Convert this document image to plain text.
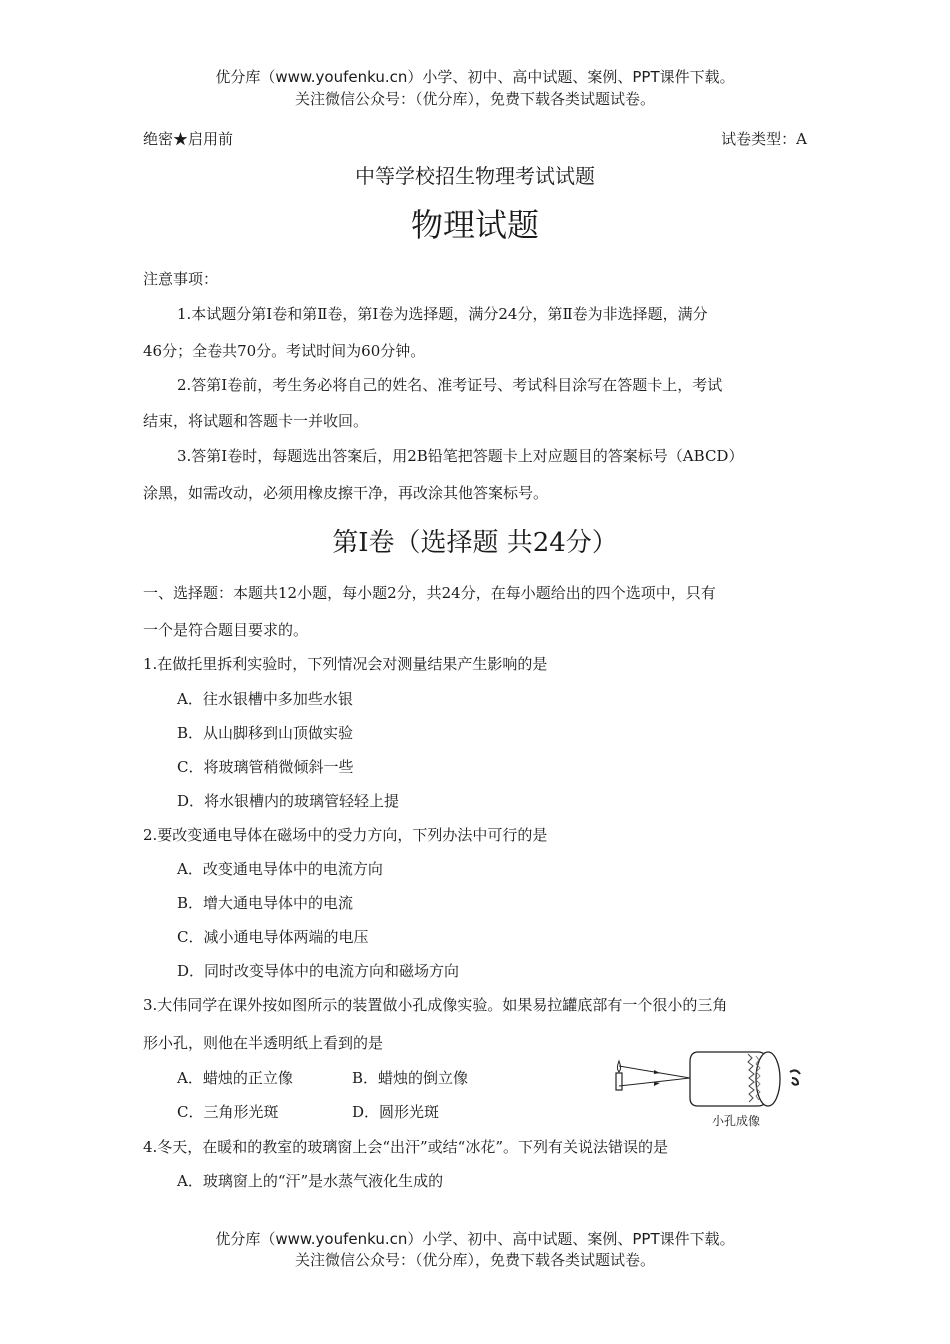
优分库（www.youfenku.cn）小学、初中、高中试题、案例、PPT课件下载。
关注微信公众号：（优分库），免费下载各类试题试卷。
绝密★启用前	试卷类型：A
中等学校招生物理考试试题
物理试题
注意事项：
1.本试题分第Ⅰ卷和第Ⅱ卷，第Ⅰ卷为选择题，满分24分，第Ⅱ卷为非选择题，满分
46分；全卷共70分。考试时间为60分钟。
2.答第Ⅰ卷前，考生务必将自己的姓名、准考证号、考试科目涂写在答题卡上，考试
结束，将试题和答题卡一并收回。
3.答第Ⅰ卷时，每题选出答案后，用2B铅笔把答题卡上对应题目的答案标号（ABCD）
涂黑，如需改动，必须用橡皮擦干净，再改涂其他答案标号。
第Ⅰ卷（选择题 共24分）
一、选择题：本题共12小题，每小题2分，共24分，在每小题给出的四个选项中，只有
一个是符合题目要求的。
1.在做托里拆利实验时，下列情况会对测量结果产生影响的是
A．往水银槽中多加些水银
B．从山脚移到山顶做实验
C．将玻璃管稍微倾斜一些
D．将水银槽内的玻璃管轻轻上提
2.要改变通电导体在磁场中的受力方向，下列办法中可行的是
A．改变通电导体中的电流方向
B．增大通电导体中的电流
C．减小通电导体两端的电压
D．同时改变导体中的电流方向和磁场方向
3.大伟同学在课外按如图所示的装置做小孔成像实验。如果易拉罐底部有一个很小的三角
形小孔，则他在半透明纸上看到的是
A．蜡烛的正立像	B．蜡烛的倒立像
C．三角形光斑	D．圆形光斑	小孔成像
4.冬天，在暖和的教室的玻璃窗上会“出汗”或结“冰花”。下列有关说法错误的是
A．玻璃窗上的“汗”是水蒸气液化生成的
优分库（www.youfenku.cn）小学、初中、高中试题、案例、PPT课件下载。
关注微信公众号：（优分库），免费下载各类试题试卷。
